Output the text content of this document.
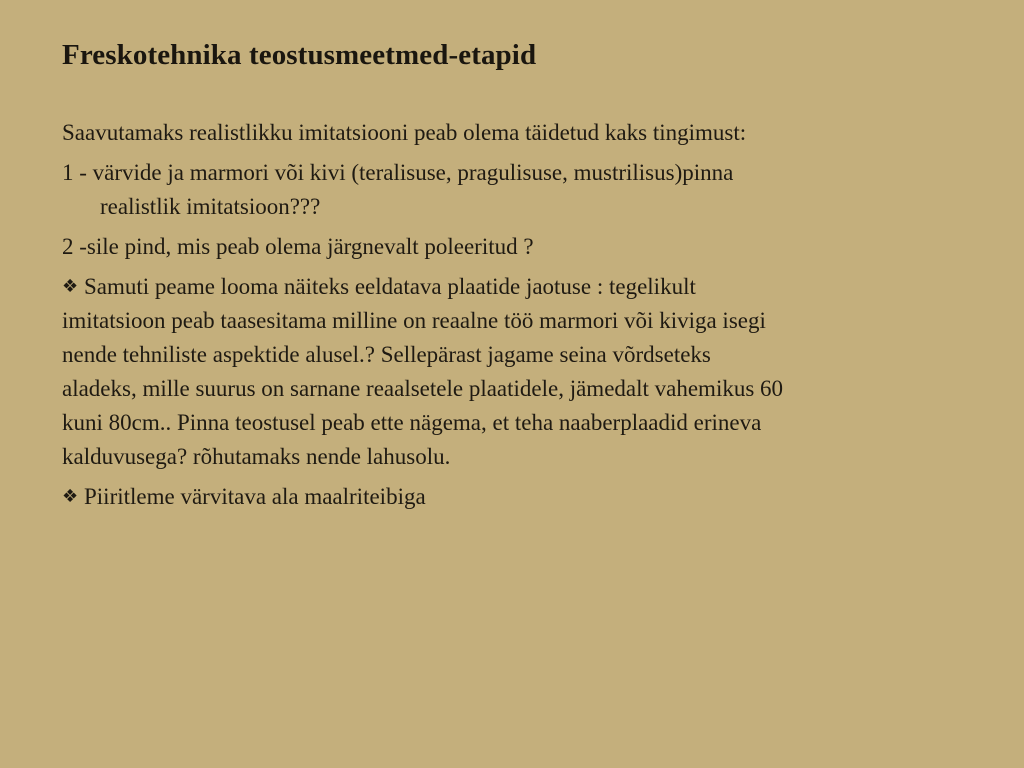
Freskotehnika teostusmeetmed-etapid
Saavutamaks realistlikku imitatsiooni peab olema täidetud kaks tingimust:
1 - värvide ja marmori või kivi (teralisuse, pragulisuse, mustrilisus)pinna
realistlik imitatsioon???
2 -sile pind, mis peab olema järgnevalt poleeritud ?
❖ Samuti peame looma näiteks eeldatava plaatide jaotuse : tegelikult
imitatsioon peab taasesitama milline on reaalne töö marmori või kiviga isegi
nende tehniliste aspektide alusel.? Sellepärast jagame seina võrdseteks
aladeks, mille suurus on sarnane reaalsetele plaatidele, jämedalt vahemikus 60
kuni 80cm.. Pinna teostusel peab ette nägema, et teha naaberplaadid erineva
kalduvusega? rõhutamaks nende lahusolu.
❖ Piiritleme värvitava ala maalriteibiga
